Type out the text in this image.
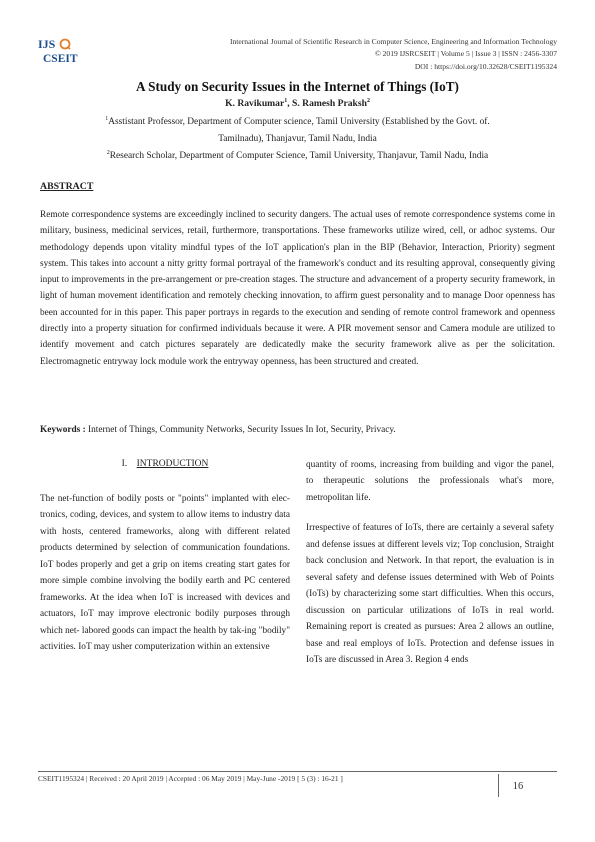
IJS
CSEIT
International Journal of Scientific Research in Computer Science, Engineering and Information Technology
© 2019 IJSRCSEIT | Volume 5 | Issue 3 | ISSN : 2456-3307
DOI : https://doi.org/10.32628/CSEIT1195324
A Study on Security Issues in the Internet of Things (IoT)
K. Ravikumar$^1$, S. Ramesh Praksh$^2$
$^1$Asstistant Professor, Department of Computer science, Tamil University (Established by the Govt. of.
Tamilnadu), Thanjavur, Tamil Nadu, India
$^2$Research Scholar, Department of Computer Science, Tamil University, Thanjavur, Tamil Nadu, India
ABSTRACT
Remote correspondence systems are exceedingly inclined to security dangers. The actual uses of remote correspondence systems come in military, business, medicinal services, retail, furthermore, transportations. These frameworks utilize wired, cell, or adhoc systems. Our methodology depends upon vitality mindful types of the IoT application's plan in the BIP (Behavior, Interaction, Priority) segment system. This takes into account a nitty gritty formal portrayal of the framework's conduct and its resulting approval, consequently giving input to improvements in the pre-arrangement or pre-creation stages. The structure and advancement of a property security framework, in light of human movement identification and remotely checking innovation, to affirm guest personality and to manage Door openness has been accounted for in this paper. This paper portrays in regards to the execution and sending of remote control framework and openness directly into a property situation for confirmed individuals because it were. A PIR movement sensor and Camera module are utilized to identify movement and catch pictures separately are dedicatedly make the security framework alive as per the solicitation. Electromagnetic entryway lock module work the entryway openness, has been structured and created.
Keywords : Internet of Things, Community Networks, Security Issues In Iot, Security, Privacy.
I. INTRODUCTION
The net-function of bodily posts or "points" implanted with elec-tronics, coding, devices, and system to allow items to industry data with hosts, centered frameworks, along with different related products determined by selection of communication foundations. IoT bodes properly and get a grip on items creating start gates for more simple combine involving the bodily earth and PC centered frameworks. At the idea when IoT is increased with devices and actuators, IoT may improve electronic bodily purposes through which net- labored goods can impact the health by tak-ing "bodily" activities. IoT may usher computerization within an extensive

quantity of rooms, increasing from building and vigor the panel, to therapeutic solutions the professionals what's more, metropolitan life.

Irrespective of features of IoTs, there are certainly a several safety and defense issues at different levels viz; Top conclusion, Straight back conclusion and Network. In that report, the evaluation is in several safety and defense issues determined with Web of Points (IoTs) by characterizing some start difficulties. When this occurs, discussion on particular utilizations of IoTs in real world. Remaining report is created as pursues: Area 2 allows an outline, base and real employs of IoTs. Protection and defense issues in IoTs are discussed in Area 3. Region 4 ends

CSEIT1195324 | Received : 20 April 2019 | Accepted : 06 May 2019 | May-June -2019 [ 5 (3) : 16-21 ]
16
